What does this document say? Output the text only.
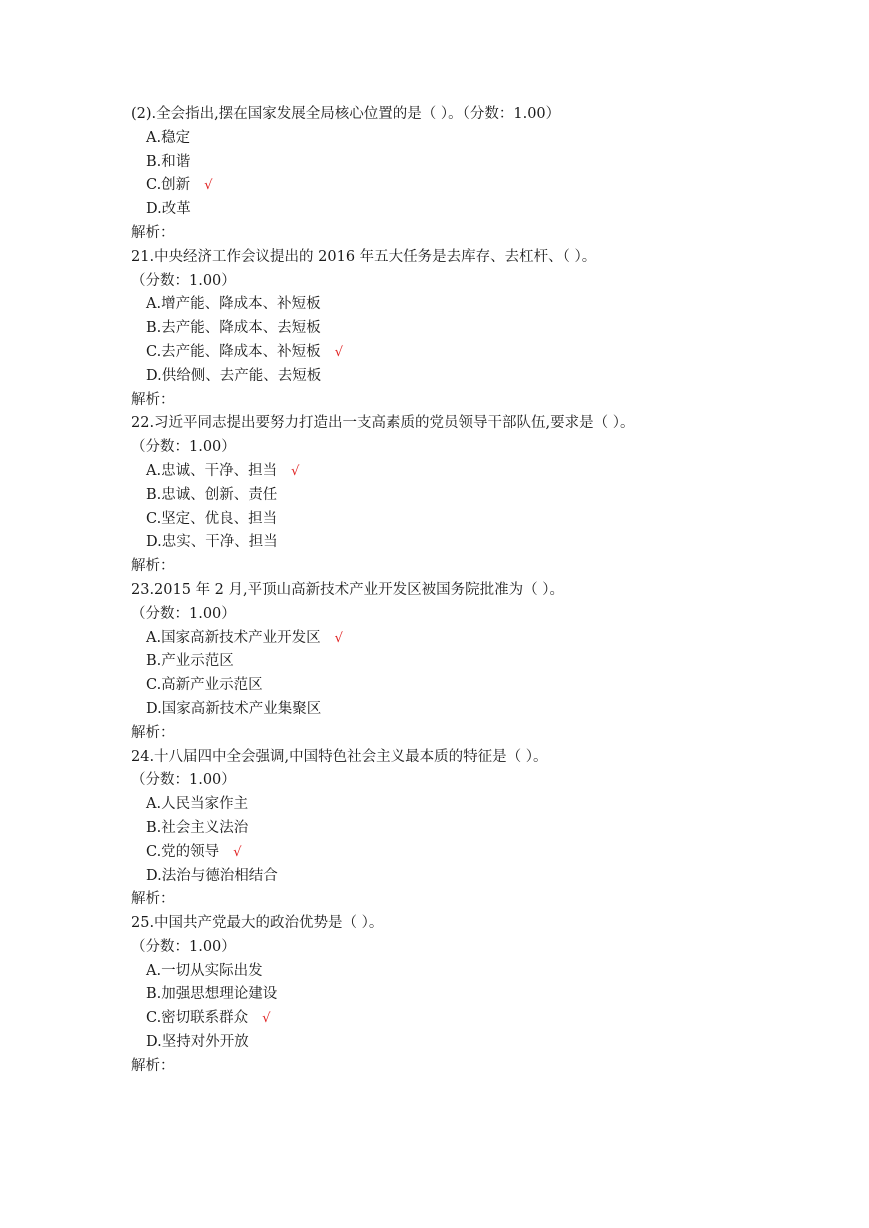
(2).全会指出,摆在国家发展全局核心位置的是（ ）。（分数：1.00）
A.稳定
B.和谐
C.创新 √
D.改革
解析：
21.中央经济工作会议提出的 2016 年五大任务是去库存、去杠杆、（ ）。
（分数：1.00）
A.增产能、降成本、补短板
B.去产能、降成本、去短板
C.去产能、降成本、补短板 √
D.供给侧、去产能、去短板
解析：
22.习近平同志提出要努力打造出一支高素质的党员领导干部队伍,要求是（ ）。
（分数：1.00）
A.忠诚、干净、担当 √
B.忠诚、创新、责任
C.坚定、优良、担当
D.忠实、干净、担当
解析：
23.2015 年 2 月,平顶山高新技术产业开发区被国务院批准为（ ）。
（分数：1.00）
A.国家高新技术产业开发区 √
B.产业示范区
C.高新产业示范区
D.国家高新技术产业集聚区
解析：
24.十八届四中全会强调,中国特色社会主义最本质的特征是（ ）。
（分数：1.00）
A.人民当家作主
B.社会主义法治
C.党的领导 √
D.法治与德治相结合
解析：
25.中国共产党最大的政治优势是（ ）。
（分数：1.00）
A.一切从实际出发
B.加强思想理论建设
C.密切联系群众 √
D.坚持对外开放
解析：
